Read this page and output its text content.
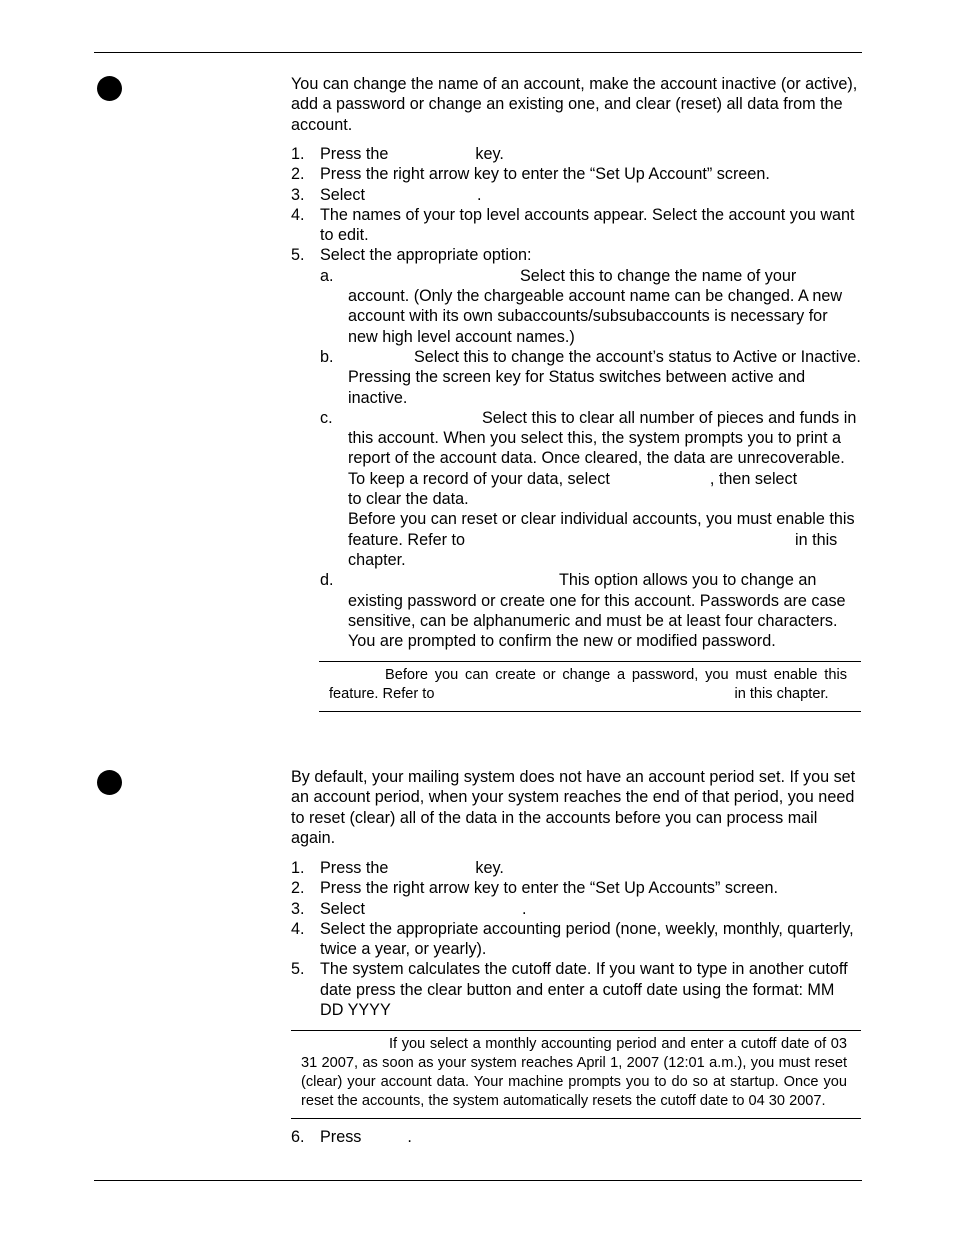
You can change the name of an account, make the account inactive (or active), add a password or change an existing one, and clear (reset) all data from the account.

1. Press the	key.
2. Press the right arrow key to enter the “Set Up Account” screen.
3. Select	.
4. The names of your top level accounts appear. Select the account you want to edit.
5. Select the appropriate option:
a.	Select this to change the name of your account. (Only the chargeable account name can be changed. A new account with its own subaccounts/subsubaccounts is necessary for new high level account names.)
b.	Select this to change the account’s status to Active or Inactive. Pressing the screen key for Status switches between active and inactive.
c.	Select this to clear all number of pieces and funds in this account. When you select this, the system prompts you to print a report of the account data. Once cleared, the data are unrecoverable. To keep a record of your data, select	, then selectto clear the data.

Before you can reset or clear individual accounts, you must enable this feature. Refer to	in this chapter.

d.	This option allows you to change an existing password or create one for this account. Passwords are case sensitive, can be alphanumeric and must be at least four characters. You are prompted to confirm the new or modified password.
Before you can create or change a password, you must enable this feature. Refer to	in this chapter.

By default, your mailing system does not have an account period set. If you set an account period, when your system reaches the end of that period, you need to reset (clear) all of the data in the accounts before you can process mail again.

1. Press the	key.
2. Press the right arrow key to enter the “Set Up Accounts” screen.
3. Select	.
4. Select the appropriate accounting period (none, weekly, monthly, quarterly, twice a year, or yearly).
5. The system calculates the cutoff date. If you want to type in another cutoff date press the clear button and enter a cutoff date using the format: MM DD YYYY
If you select a monthly accounting period and enter a cutoff date of 03 31 2007, as soon as your system reaches April 1, 2007 (12:01 a.m.), you must reset (clear) your account data. Your machine prompts you to do so at startup. Once you reset the accounts, the system automatically resets the cutoff date to 04 30 2007.
6. Press	.
